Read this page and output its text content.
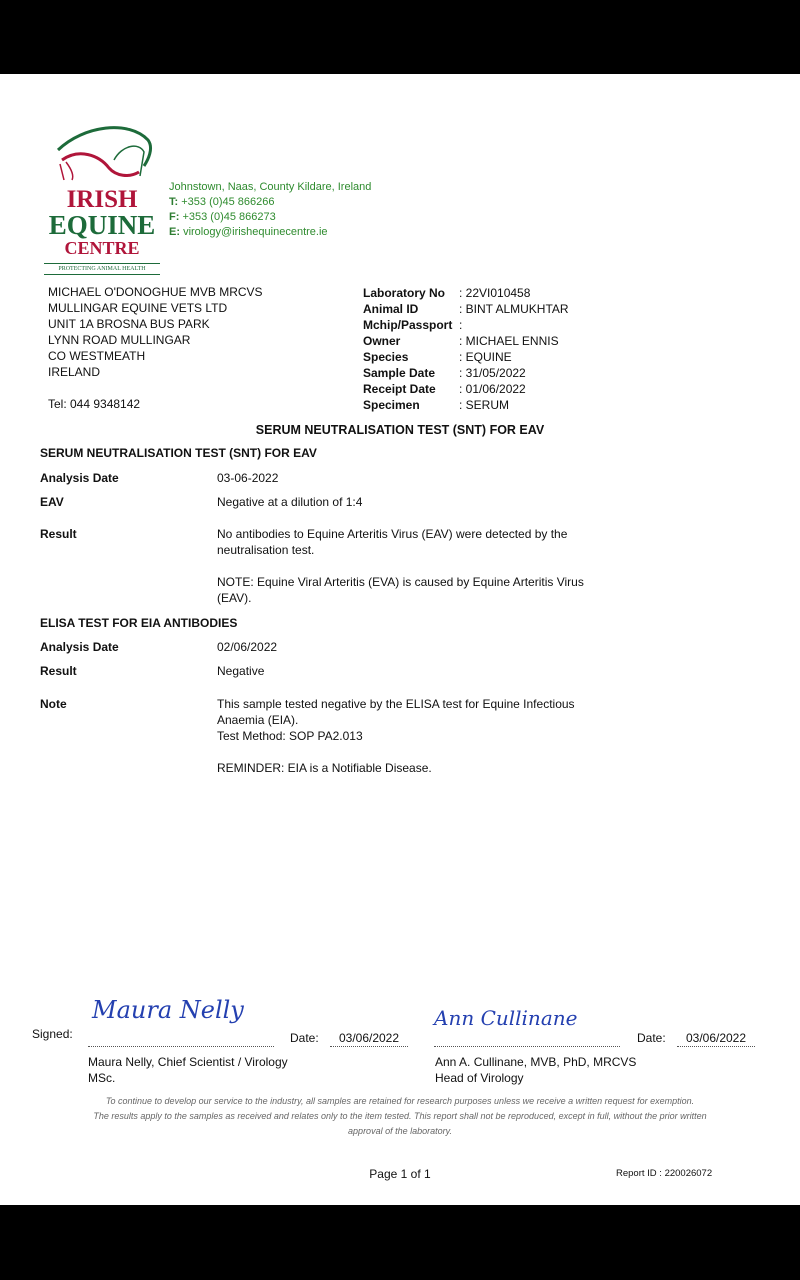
IRISH
EQUINE
CENTRE
PROTECTING ANIMAL HEALTH
Johnstown, Naas, County Kildare, Ireland
T: +353 (0)45 866266
F: +353 (0)45 866273
E: virology@irishequinecentre.ie
MICHAEL O'DONOGHUE MVB MRCVS
MULLINGAR EQUINE VETS LTD
UNIT 1A BROSNA BUS PARK
LYNN ROAD MULLINGAR
CO WESTMEATH
IRELAND
Tel: 044 9348142
Laboratory No	: 22VI010458
Animal ID	: BINT ALMUKHTAR
Mchip/Passport :
Owner	: MICHAEL ENNIS
Species	: EQUINE
Sample Date	: 31/05/2022
Receipt Date	: 01/06/2022
Specimen	: SERUM
SERUM NEUTRALISATION TEST (SNT) FOR EAV
SERUM NEUTRALISATION TEST (SNT) FOR EAV
Analysis Date	03-06-2022
EAV	Negative at a dilution of 1:4
Result	No antibodies to Equine Arteritis Virus (EAV) were detected by the neutralisation test.
NOTE: Equine Viral Arteritis (EVA) is caused by Equine Arteritis Virus (EAV).
ELISA TEST FOR EIA ANTIBODIES
Analysis Date	02/06/2022
Result	Negative
Note	This sample tested negative by the ELISA test for Equine Infectious Anaemia (EIA).
Test Method: SOP PA2.013
REMINDER: EIA is a Notifiable Disease.
Signed:
Maura Nelly
Date:	03/06/2022
Maura Nelly, Chief Scientist / Virology MSc.
Ann Cullinane
Date:	03/06/2022
Ann A. Cullinane, MVB, PhD, MRCVS
Head of Virology
To continue to develop our service to the industry, all samples are retained for research purposes unless we receive a written request for exemption.
The results apply to the samples as received and relates only to the item tested. This report shall not be reproduced, except in full, without the prior written approval of the laboratory.
Page 1 of 1	Report ID : 220026072
